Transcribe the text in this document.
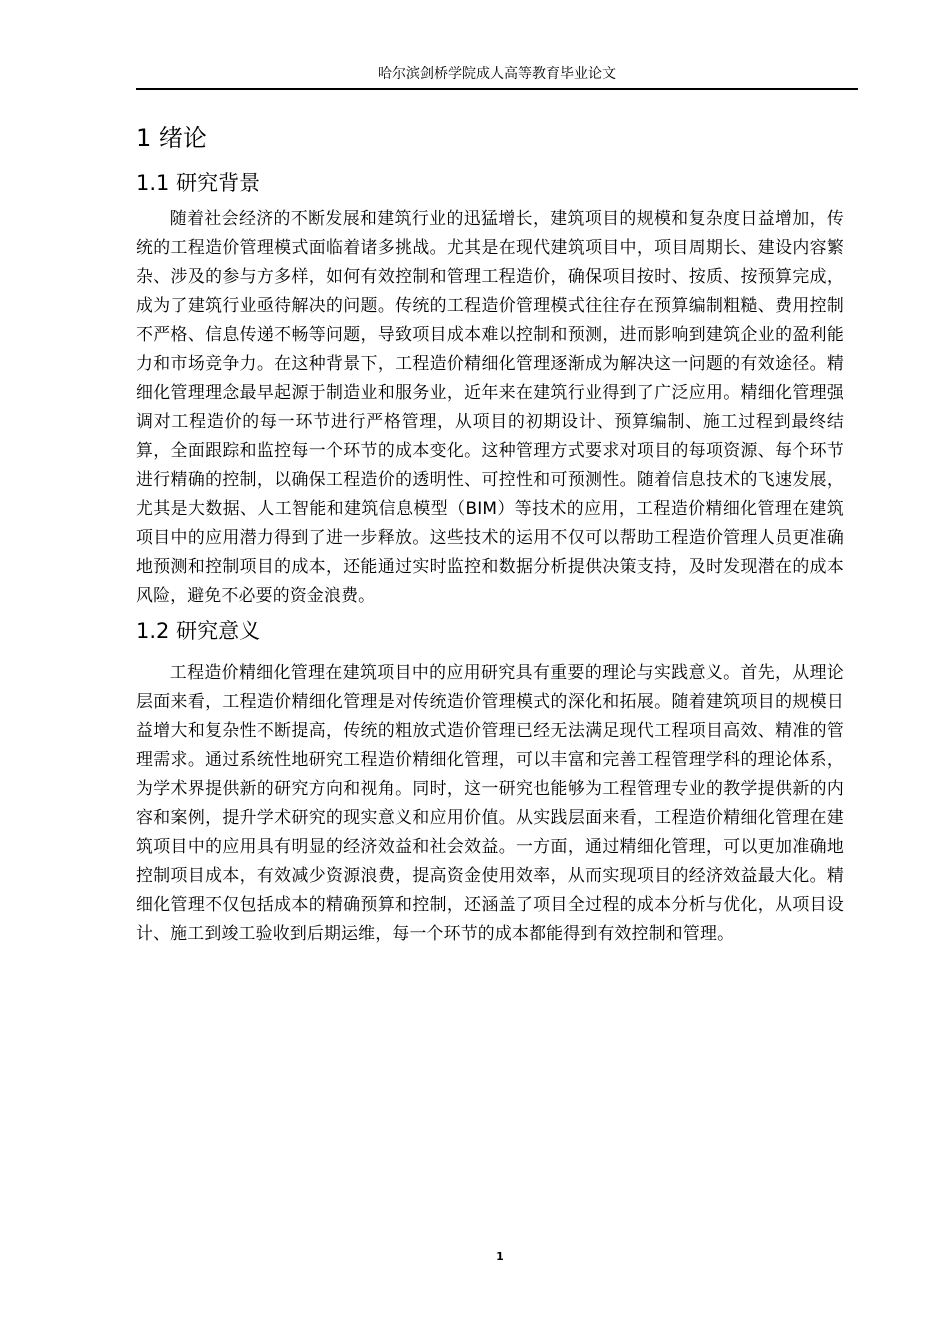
哈尔滨剑桥学院成人高等教育毕业论文
1 绪论
1.1 研究背景

随着社会经济的不断发展和建筑行业的迅猛增长，建筑项目的规模和复杂度日益增加，传统的工程造价管理模式面临着诸多挑战。尤其是在现代建筑项目中，项目周期长、建设内容繁杂、涉及的参与方多样，如何有效控制和管理工程造价，确保项目按时、按质、按预算完成，成为了建筑行业亟待解决的问题。传统的工程造价管理模式往往存在预算编制粗糙、费用控制不严格、信息传递不畅等问题，导致项目成本难以控制和预测，进而影响到建筑企业的盈利能力和市场竞争力。在这种背景下，工程造价精细化管理逐渐成为解决这一问题的有效途径。精细化管理理念最早起源于制造业和服务业，近年来在建筑行业得到了广泛应用。精细化管理强调对工程造价的每一环节进行严格管理，从项目的初期设计、预算编制、施工过程到最终结算，全面跟踪和监控每一个环节的成本变化。这种管理方式要求对项目的每项资源、每个环节进行精确的控制，以确保工程造价的透明性、可控性和可预测性。随着信息技术的飞速发展，尤其是大数据、人工智能和建筑信息模型（BIM）等技术的应用，工程造价精细化管理在建筑项目中的应用潜力得到了进一步释放。这些技术的运用不仅可以帮助工程造价管理人员更准确地预测和控制项目的成本，还能通过实时监控和数据分析提供决策支持，及时发现潜在的成本风险，避免不必要的资金浪费。

1.2 研究意义

工程造价精细化管理在建筑项目中的应用研究具有重要的理论与实践意义。首先，从理论层面来看，工程造价精细化管理是对传统造价管理模式的深化和拓展。随着建筑项目的规模日益增大和复杂性不断提高，传统的粗放式造价管理已经无法满足现代工程项目高效、精准的管理需求。通过系统性地研究工程造价精细化管理，可以丰富和完善工程管理学科的理论体系，为学术界提供新的研究方向和视角。同时，这一研究也能够为工程管理专业的教学提供新的内容和案例，提升学术研究的现实意义和应用价值。从实践层面来看，工程造价精细化管理在建筑项目中的应用具有明显的经济效益和社会效益。一方面，通过精细化管理，可以更加准确地控制项目成本，有效减少资源浪费，提高资金使用效率，从而实现项目的经济效益最大化。精细化管理不仅包括成本的精确预算和控制，还涵盖了项目全过程的成本分析与优化，从项目设计、施工到竣工验收到后期运维，每一个环节的成本都能得到有效控制和管理。

1
